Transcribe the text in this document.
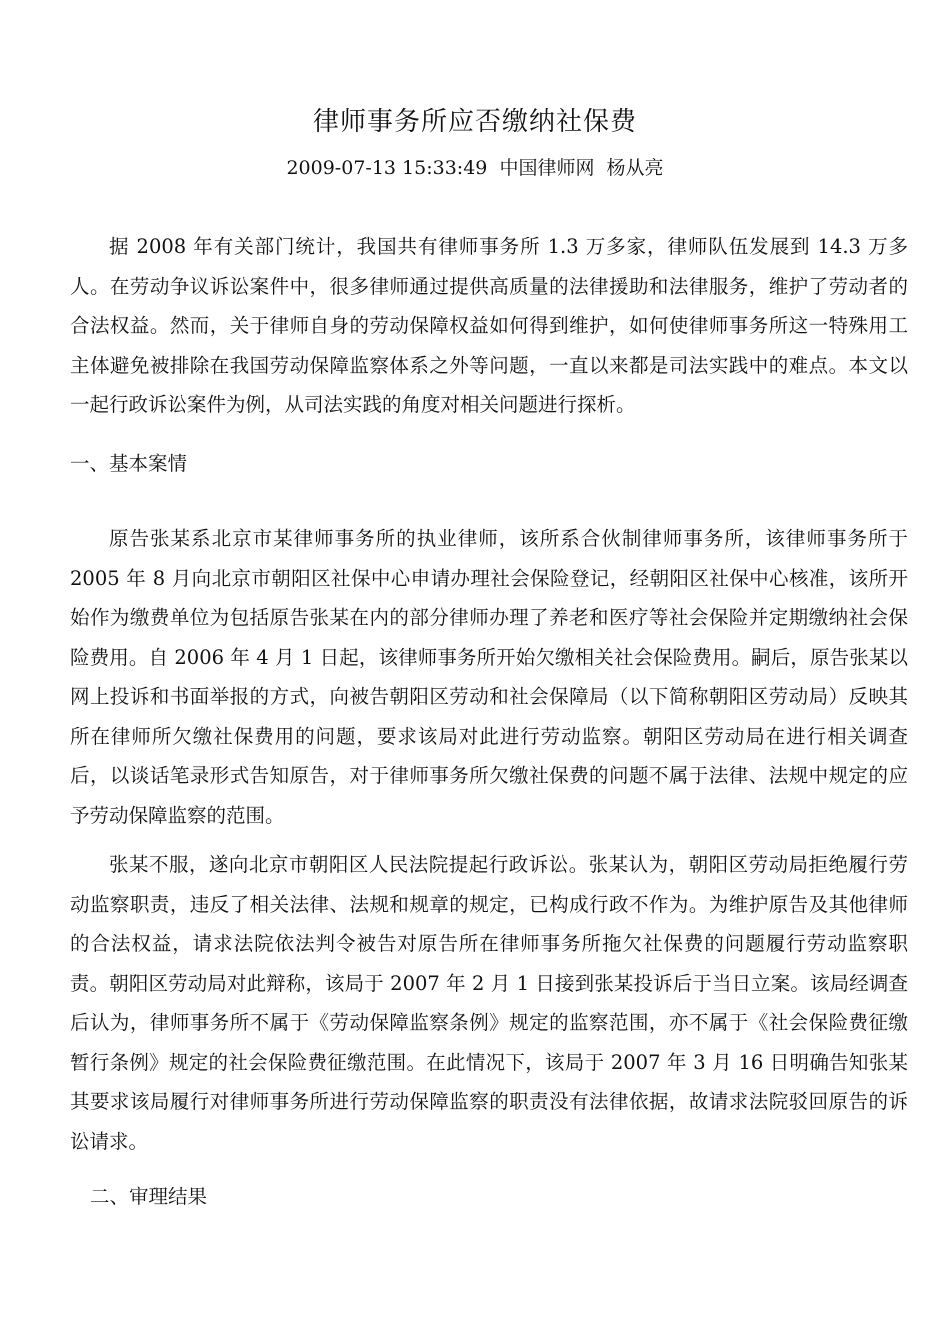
律师事务所应否缴纳社保费
2009-07-13 15:33:49  中国律师网  杨从亮

据 2008 年有关部门统计，我国共有律师事务所 1.3 万多家，律师队伍发展到 14.3 万多人。在劳动争议诉讼案件中，很多律师通过提供高质量的法律援助和法律服务，维护了劳动者的合法权益。然而，关于律师自身的劳动保障权益如何得到维护，如何使律师事务所这一特殊用工主体避免被排除在我国劳动保障监察体系之外等问题，一直以来都是司法实践中的难点。本文以一起行政诉讼案件为例，从司法实践的角度对相关问题进行探析。

一、基本案情

原告张某系北京市某律师事务所的执业律师，该所系合伙制律师事务所，该律师事务所于 2005 年 8 月向北京市朝阳区社保中心申请办理社会保险登记，经朝阳区社保中心核准，该所开始作为缴费单位为包括原告张某在内的部分律师办理了养老和医疗等社会保险并定期缴纳社会保险费用。自 2006 年 4 月 1 日起，该律师事务所开始欠缴相关社会保险费用。嗣后，原告张某以网上投诉和书面举报的方式，向被告朝阳区劳动和社会保障局（以下简称朝阳区劳动局）反映其所在律师所欠缴社保费用的问题，要求该局对此进行劳动监察。朝阳区劳动局在进行相关调查后，以谈话笔录形式告知原告，对于律师事务所欠缴社保费的问题不属于法律、法规中规定的应予劳动保障监察的范围。

张某不服，遂向北京市朝阳区人民法院提起行政诉讼。张某认为，朝阳区劳动局拒绝履行劳动监察职责，违反了相关法律、法规和规章的规定，已构成行政不作为。为维护原告及其他律师的合法权益，请求法院依法判令被告对原告所在律师事务所拖欠社保费的问题履行劳动监察职责。朝阳区劳动局对此辩称，该局于 2007 年 2 月 1 日接到张某投诉后于当日立案。该局经调查后认为，律师事务所不属于《劳动保障监察条例》规定的监察范围，亦不属于《社会保险费征缴暂行条例》规定的社会保险费征缴范围。在此情况下，该局于 2007 年 3 月 16 日明确告知张某其要求该局履行对律师事务所进行劳动保障监察的职责没有法律依据，故请求法院驳回原告的诉讼请求。

二、审理结果
